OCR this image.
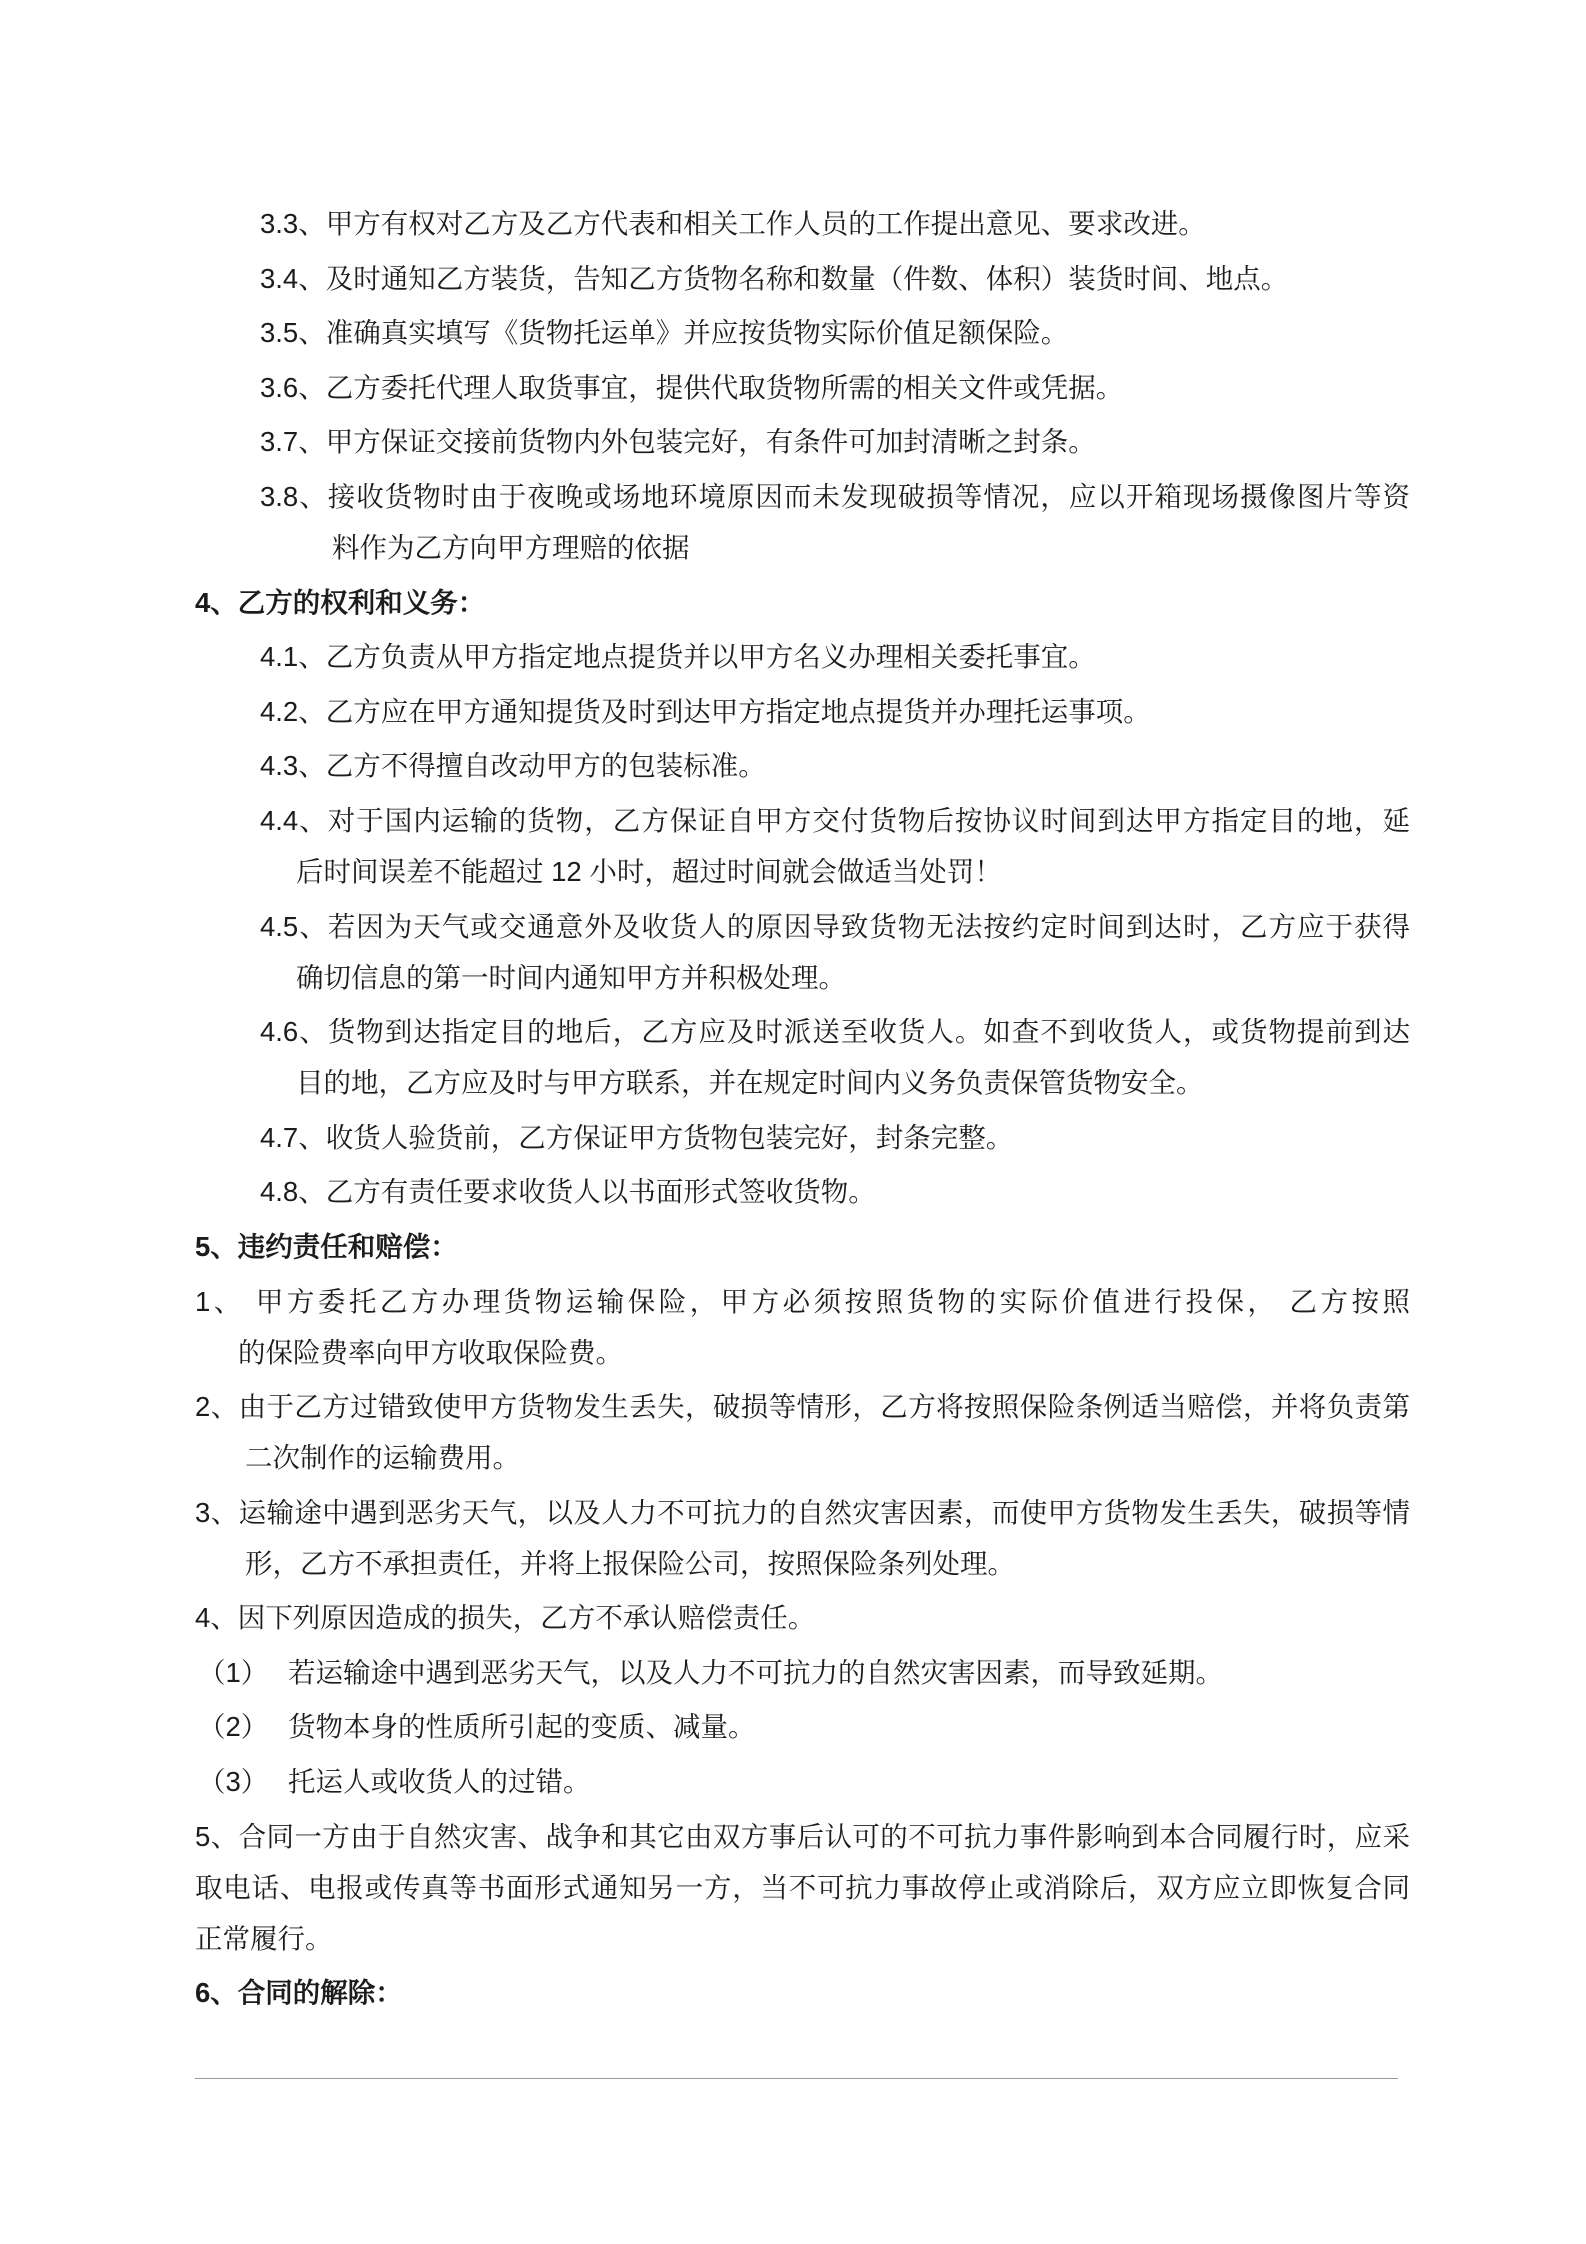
3.3、甲方有权对乙方及乙方代表和相关工作人员的工作提出意见、要求改进。
3.4、及时通知乙方装货，告知乙方货物名称和数量（件数、体积）装货时间、地点。
3.5、准确真实填写《货物托运单》并应按货物实际价值足额保险。
3.6、乙方委托代理人取货事宜，提供代取货物所需的相关文件或凭据。
3.7、甲方保证交接前货物内外包装完好，有条件可加封清晰之封条。
3.8、接收货物时由于夜晚或场地环境原因而未发现破损等情况，应以开箱现场摄像图片等资
料作为乙方向甲方理赔的依据
4、乙方的权利和义务：
4.1、乙方负责从甲方指定地点提货并以甲方名义办理相关委托事宜。
4.2、乙方应在甲方通知提货及时到达甲方指定地点提货并办理托运事项。
4.3、乙方不得擅自改动甲方的包装标准。
4.4、对于国内运输的货物，乙方保证自甲方交付货物后按协议时间到达甲方指定目的地，延
后时间误差不能超过 12 小时，超过时间就会做适当处罚！
4.5、若因为天气或交通意外及收货人的原因导致货物无法按约定时间到达时，乙方应于获得
确切信息的第一时间内通知甲方并积极处理。
4.6、货物到达指定目的地后，乙方应及时派送至收货人。如查不到收货人，或货物提前到达
目的地，乙方应及时与甲方联系，并在规定时间内义务负责保管货物安全。
4.7、收货人验货前，乙方保证甲方货物包装完好，封条完整。
4.8、乙方有责任要求收货人以书面形式签收货物。
5、违约责任和赔偿：
1、 甲方委托乙方办理货物运输保险，甲方必须按照货物的实际价值进行投保， 乙方按照
的保险费率向甲方收取保险费。
2、由于乙方过错致使甲方货物发生丢失，破损等情形，乙方将按照保险条例适当赔偿，并将负责第
二次制作的运输费用。
3、运输途中遇到恶劣天气，以及人力不可抗力的自然灾害因素，而使甲方货物发生丢失，破损等情
形，乙方不承担责任，并将上报保险公司，按照保险条列处理。
4、因下列原因造成的损失，乙方不承认赔偿责任。
（1） 若运输途中遇到恶劣天气，以及人力不可抗力的自然灾害因素，而导致延期。
（2） 货物本身的性质所引起的变质、减量。
（3） 托运人或收货人的过错。
5、合同一方由于自然灾害、战争和其它由双方事后认可的不可抗力事件影响到本合同履行时，应采
取电话、电报或传真等书面形式通知另一方，当不可抗力事故停止或消除后，双方应立即恢复合同
正常履行。
6、合同的解除：
